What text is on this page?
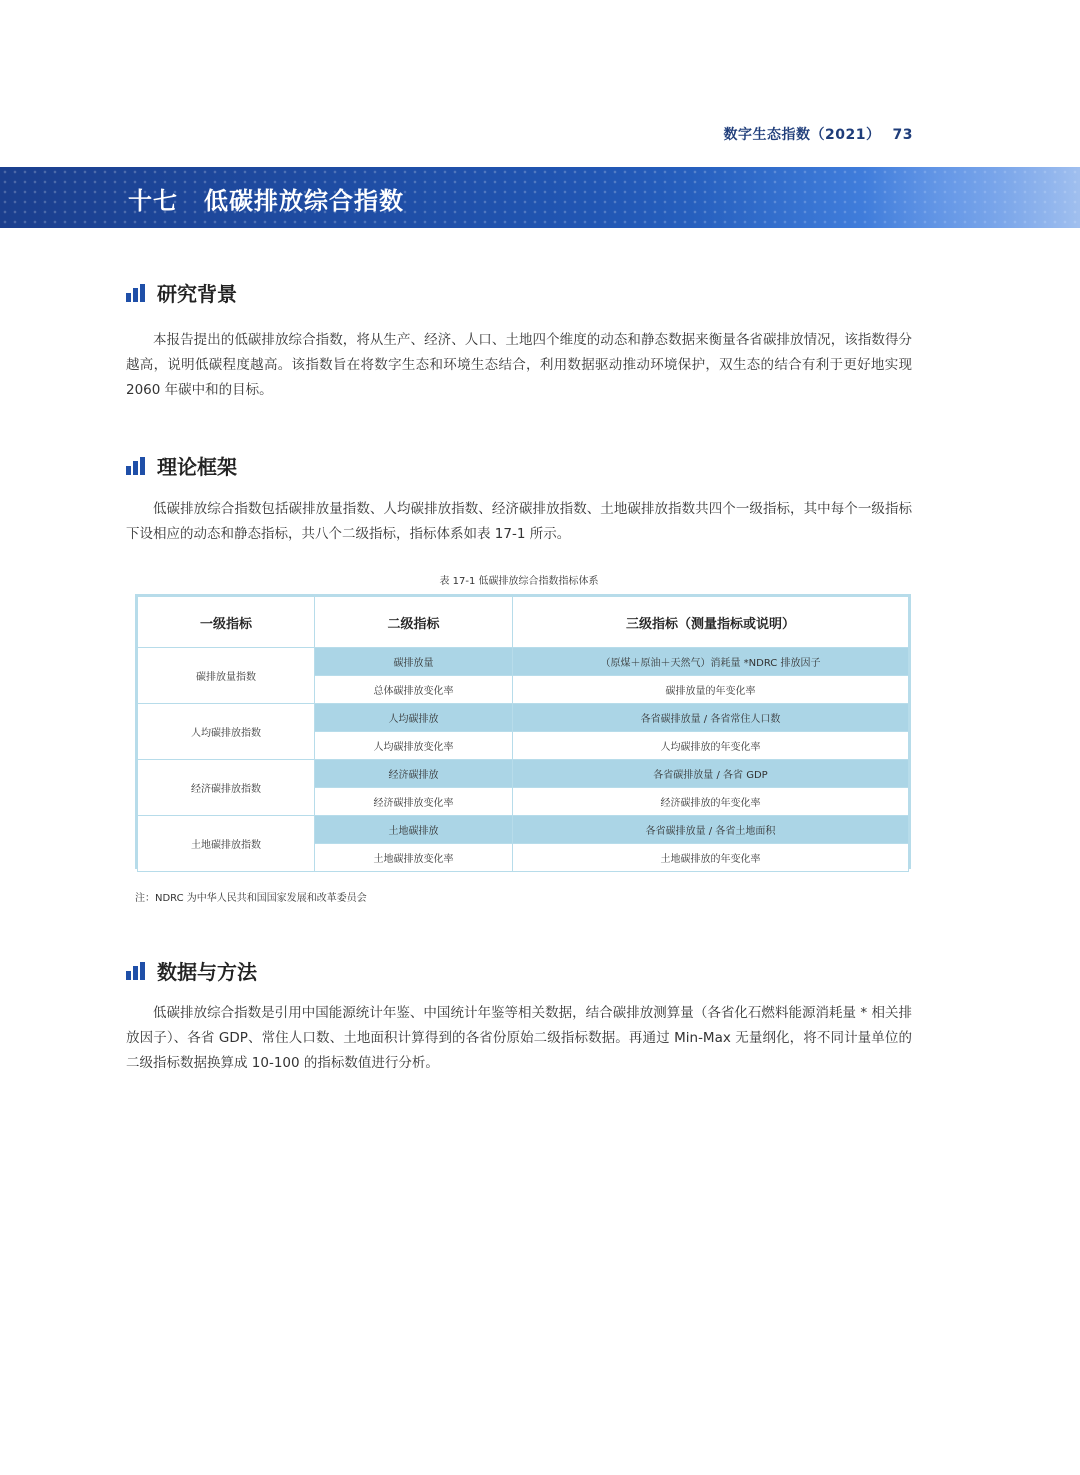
数字生态指数（2021） 73
十七 低碳排放综合指数
研究背景

本报告提出的低碳排放综合指数，将从生产、经济、人口、土地四个维度的动态和静态数据来衡量各省碳排放情况，该指数得分越高，说明低碳程度越高。该指数旨在将数字生态和环境生态结合，利用数据驱动推动环境保护，双生态的结合有利于更好地实现 2060 年碳中和的目标。

理论框架

低碳排放综合指数包括碳排放量指数、人均碳排放指数、经济碳排放指数、土地碳排放指数共四个一级指标，其中每个一级指标下设相应的动态和静态指标，共八个二级指标，指标体系如表 17-1 所示。

表 17-1 低碳排放综合指数指标体系
一级指标	二级指标	三级指标（测量指标或说明）
碳排放量指数	碳排放量	（原煤＋原油＋天然气）消耗量 *NDRC 排放因子
	总体碳排放变化率	碳排放量的年变化率
人均碳排放指数	人均碳排放	各省碳排放量 / 各省常住人口数
	人均碳排放变化率	人均碳排放的年变化率
经济碳排放指数	经济碳排放	各省碳排放量 / 各省 GDP
	经济碳排放变化率	经济碳排放的年变化率
土地碳排放指数	土地碳排放	各省碳排放量 / 各省土地面积
	土地碳排放变化率	土地碳排放的年变化率
注：NDRC 为中华人民共和国国家发展和改革委员会
数据与方法

低碳排放综合指数是引用中国能源统计年鉴、中国统计年鉴等相关数据，结合碳排放测算量（各省化石燃料能源消耗量 * 相关排放因子）、各省 GDP、常住人口数、土地面积计算得到的各省份原始二级指标数据。再通过 Min-Max 无量纲化，将不同计量单位的二级指标数据换算成 10-100 的指标数值进行分析。
